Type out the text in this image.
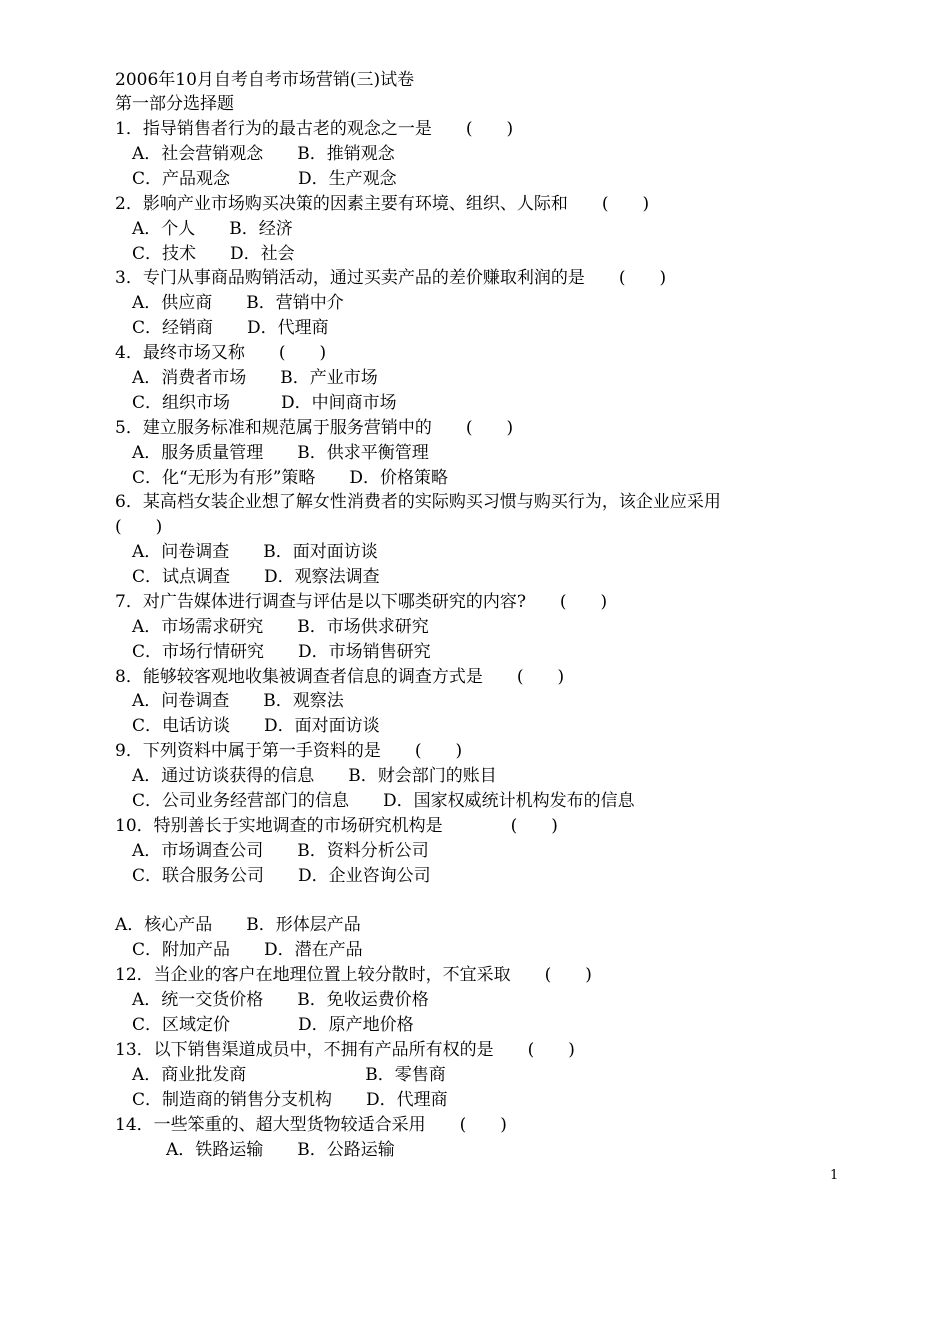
2006年10月自考自考市场营销(三)试卷
第一部分选择题
1．指导销售者行为的最古老的观念之一是　　(　　)
　A．社会营销观念　　B．推销观念
　C．产品观念　　　　D．生产观念
2．影响产业市场购买决策的因素主要有环境、组织、人际和　　(　　)
　A．个人　　B．经济
　C．技术　　D．社会
3．专门从事商品购销活动，通过买卖产品的差价赚取利润的是　　(　　)
　A．供应商　　B．营销中介
　C．经销商　　D．代理商
4．最终市场又称　　(　　)
　A．消费者市场　　B．产业市场
　C．组织市场　　　D．中间商市场
5．建立服务标准和规范属于服务营销中的　　(　　)
　A．服务质量管理　　B．供求平衡管理
　C．化“无形为有形”策略　　D．价格策略
6．某高档女装企业想了解女性消费者的实际购买习惯与购买行为，该企业应采用
(　　)
　A．问卷调查　　B．面对面访谈
　C．试点调查　　D．观察法调查
7．对广告媒体进行调查与评估是以下哪类研究的内容?　　(　　)
　A．市场需求研究　　B．市场供求研究
　C．市场行情研究　　D．市场销售研究
8．能够较客观地收集被调查者信息的调查方式是　　(　　)
　A．问卷调查　　B．观察法
　C．电话访谈　　D．面对面访谈
9．下列资料中属于第一手资料的是　　(　　)
　A．通过访谈获得的信息　　B．财会部门的账目
　C．公司业务经营部门的信息　　D．国家权威统计机构发布的信息
10．特别善长于实地调查的市场研究机构是　　　　(　　)
　A．市场调查公司　　B．资料分析公司
　C．联合服务公司　　D．企业咨询公司
A．核心产品　　B．形体层产品
　C．附加产品　　D．潜在产品
12．当企业的客户在地理位置上较分散时，不宜采取　　(　　)
　A．统一交货价格　　B．免收运费价格
　C．区域定价　　　　D．原产地价格
13．以下销售渠道成员中，不拥有产品所有权的是　　(　　)
　A．商业批发商　　　　　　　B．零售商
　C．制造商的销售分支机构　　D．代理商
14．一些笨重的、超大型货物较适合采用　　(　　)
　　　A．铁路运输　　B．公路运输
1
